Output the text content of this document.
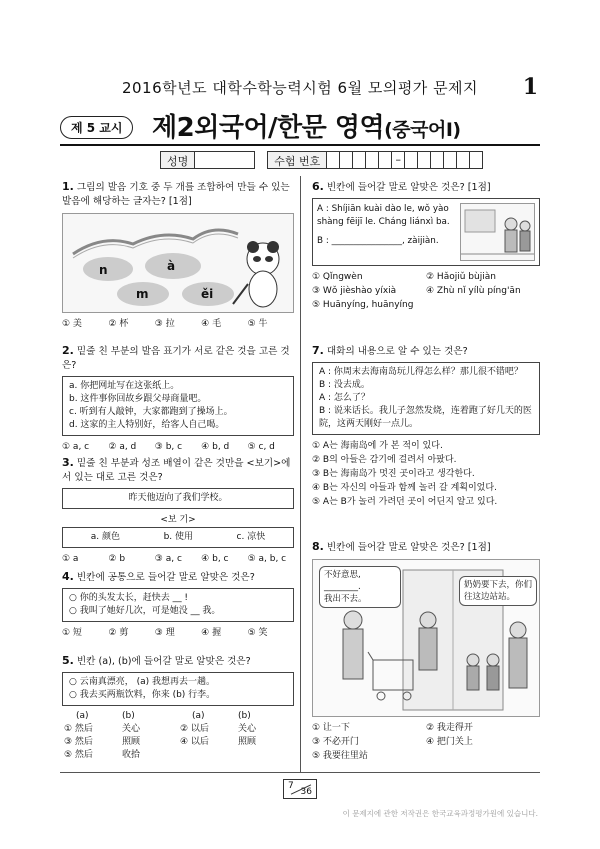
2016학년도 대학수학능력시험 6월 모의평가 문제지	1
제 5 교시	제2외국어/한문 영역(중국어Ⅰ)
성명	수험 번호	–
1. 그림의 발음 기호 중 두 개를 조합하여 만들 수 있는 발음에 해당하는 글자는? [1점]
n	à
m	ěi
① 美	② 杯	③ 拉	④ 毛	⑤ 牛
2. 밑줄 친 부분의 발음 표기가 서로 같은 것을 고른 것은?
a. 你把网址写在这张纸上。
b. 这件事你回故乡跟父母商量吧。
c. 听到有人敲钟，大家都跑到了操场上。
d. 这家的主人特别好，给客人自己喝。
① a, c	② a, d	③ b, c	④ b, d	⑤ c, d
3. 밑줄 친 부분과 성조 배열이 같은 것만을 <보기>에서 있는 대로 고른 것은?
昨天他迈向了我们学校。
<보 기>
a. 颜色	b. 使用	c. 凉快
① a	② b	③ a, c	④ b, c	⑤ a, b, c
4. 빈칸에 공통으로 들어갈 말로 알맞은 것은?
○ 你的头发太长，赶快去 __ !
○ 我叫了她好几次，可是她没 __ 我。
① 短	② 剪	③ 理	④ 握	⑤ 笑
5. 빈칸 (a), (b)에 들어갈 말로 알맞은 것은?
○ 云南真漂亮， (a) 我想再去一趟。
○ 我去买两瓶饮料，你来 (b) 行李。
(a)	(b)	(a)	(b)
① 然后	关心	② 以后	关心
③ 然后	照顾	④ 以后	照顾
⑤ 然后	收拾		
6. 빈칸에 들어갈 말로 알맞은 것은? [1점]
A : Shíjiān kuài dào le, wǒ yào shàng fēijī le. Cháng liánxì ba.
B : ________________, zàijiàn.
① Qǐngwèn	② Hǎojiǔ bùjiàn
③ Wǒ jièshào yíxià	④ Zhù nǐ yílù píng'ān
⑤ Huānyíng, huānyíng
7. 대화의 내용으로 알 수 있는 것은?
A : 你周末去海南岛玩儿得怎么样？那儿很不错吧？
B : 没去成。
A : 怎么了？
B : 说来话长。我儿子忽然发烧，连着跑了好几天的医院，这两天刚好一点儿。
① A는 海南岛에 가 본 적이 있다.
② B의 아들은 감기에 걸려서 아팠다.
③ B는 海南岛가 멋진 곳이라고 생각한다.
④ B는 자신의 아들과 함께 놀러 갈 계획이었다.
⑤ A는 B가 놀러 가려던 곳이 어딘지 알고 있다.
8. 빈칸에 들어갈 말로 알맞은 것은? [1점]
不好意思, ________.
我出不去。
奶奶要下去，你们往这边站站。
① 让一下	② 我走得开
③ 不必开门	④ 把门关上
⑤ 我要往里站
7
36
이 문제지에 관한 저작권은 한국교육과정평가원에 있습니다.
